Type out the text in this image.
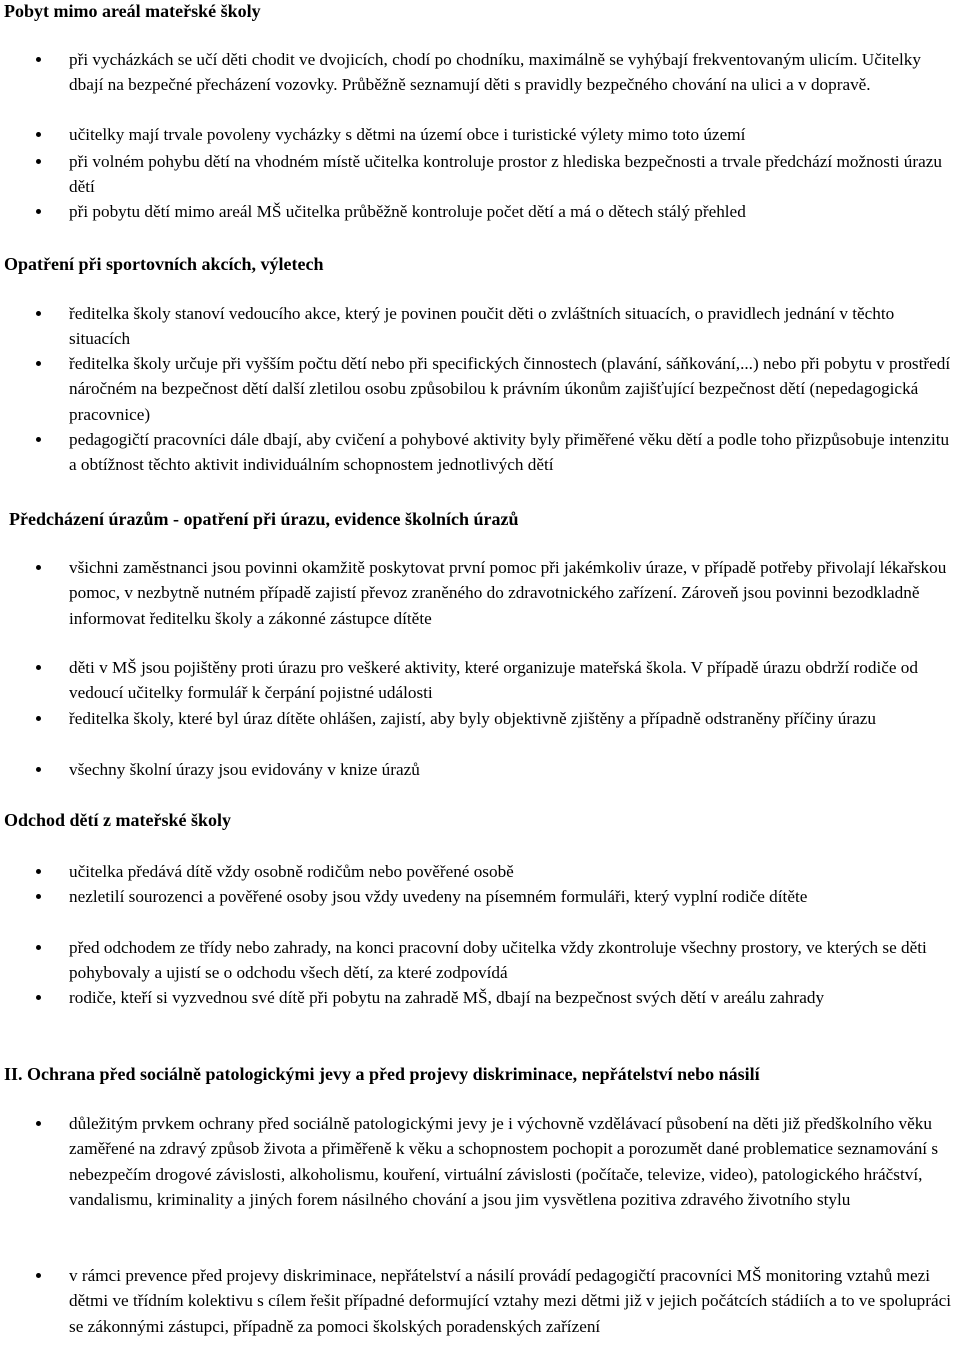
Pobyt mimo areál mateřské školy
při vycházkách se učí děti chodit ve dvojicích, chodí po chodníku, maximálně se vyhýbají frekventovaným ulicím. Učitelky dbají na bezpečné přecházení vozovky. Průběžně seznamují děti s pravidly bezpečného chování na ulici a v dopravě.
učitelky mají trvale povoleny vycházky s dětmi na území obce i turistické výlety mimo toto území
při volném pohybu dětí na vhodném místě učitelka kontroluje prostor z hlediska bezpečnosti a trvale předchází možnosti úrazu dětí
při pobytu dětí mimo areál MŠ učitelka průběžně kontroluje počet dětí a má o dětech stálý přehled
Opatření při sportovních akcích, výletech
ředitelka školy stanoví vedoucího akce, který je povinen poučit děti o zvláštních situacích, o pravidlech jednání v těchto situacích
ředitelka školy určuje při vyšším počtu dětí nebo při specifických činnostech (plavání, sáňkování,...) nebo při pobytu v prostředí náročném na bezpečnost dětí další zletilou osobu způsobilou k právním úkonům zajišťující bezpečnost dětí (nepedagogická pracovnice)
pedagogičtí pracovníci dále dbají, aby cvičení a pohybové aktivity byly přiměřené věku dětí a podle toho přizpůsobuje intenzitu a obtížnost těchto aktivit individuálním schopnostem jednotlivých dětí
Předcházení úrazům - opatření při úrazu, evidence školních úrazů
všichni zaměstnanci jsou povinni okamžitě poskytovat první pomoc při jakémkoliv úraze, v případě potřeby přivolají lékařskou pomoc, v nezbytně nutném případě zajistí převoz zraněného do zdravotnického zařízení. Zároveň jsou povinni bezodkladně informovat ředitelku školy a zákonné zástupce dítěte
děti v MŠ jsou pojištěny proti úrazu pro veškeré aktivity, které organizuje mateřská škola. V případě úrazu obdrží rodiče od vedoucí učitelky formulář k čerpání pojistné události
ředitelka školy, které byl úraz dítěte ohlášen, zajistí, aby byly objektivně zjištěny a případně odstraněny příčiny úrazu
všechny školní úrazy jsou evidovány v knize úrazů
Odchod dětí z mateřské školy
učitelka předává dítě vždy osobně rodičům nebo pověřené osobě
nezletilí sourozenci a pověřené osoby jsou vždy uvedeny na písemném formuláři, který vyplní rodiče dítěte
před odchodem ze třídy nebo zahrady, na konci pracovní doby učitelka vždy zkontroluje všechny prostory, ve kterých se děti pohybovaly a ujistí se o odchodu všech dětí, za které zodpovídá
rodiče, kteří si vyzvednou své dítě při pobytu na zahradě MŠ, dbají na bezpečnost svých dětí v areálu zahrady
II. Ochrana před sociálně patologickými jevy a před projevy diskriminace, nepřátelství nebo násilí
důležitým prvkem ochrany před sociálně patologickými jevy je i výchovně vzdělávací působení na děti již předškolního věku zaměřené na zdravý způsob života a přiměřeně k věku a schopnostem pochopit a porozumět dané problematice seznamování s nebezpečím drogové závislosti, alkoholismu, kouření, virtuální závislosti (počítače, televize, video), patologického hráčství, vandalismu, kriminality a jiných forem násilného chování a jsou jim vysvětlena pozitiva zdravého životního stylu
v rámci prevence před projevy diskriminace, nepřátelství a násilí provádí pedagogičtí pracovníci MŠ monitoring vztahů mezi dětmi ve třídním kolektivu s cílem řešit případné deformující vztahy mezi dětmi již v jejich počátcích stádiích a to ve spolupráci se zákonnými zástupci, případně za pomoci školských poradenských zařízení
